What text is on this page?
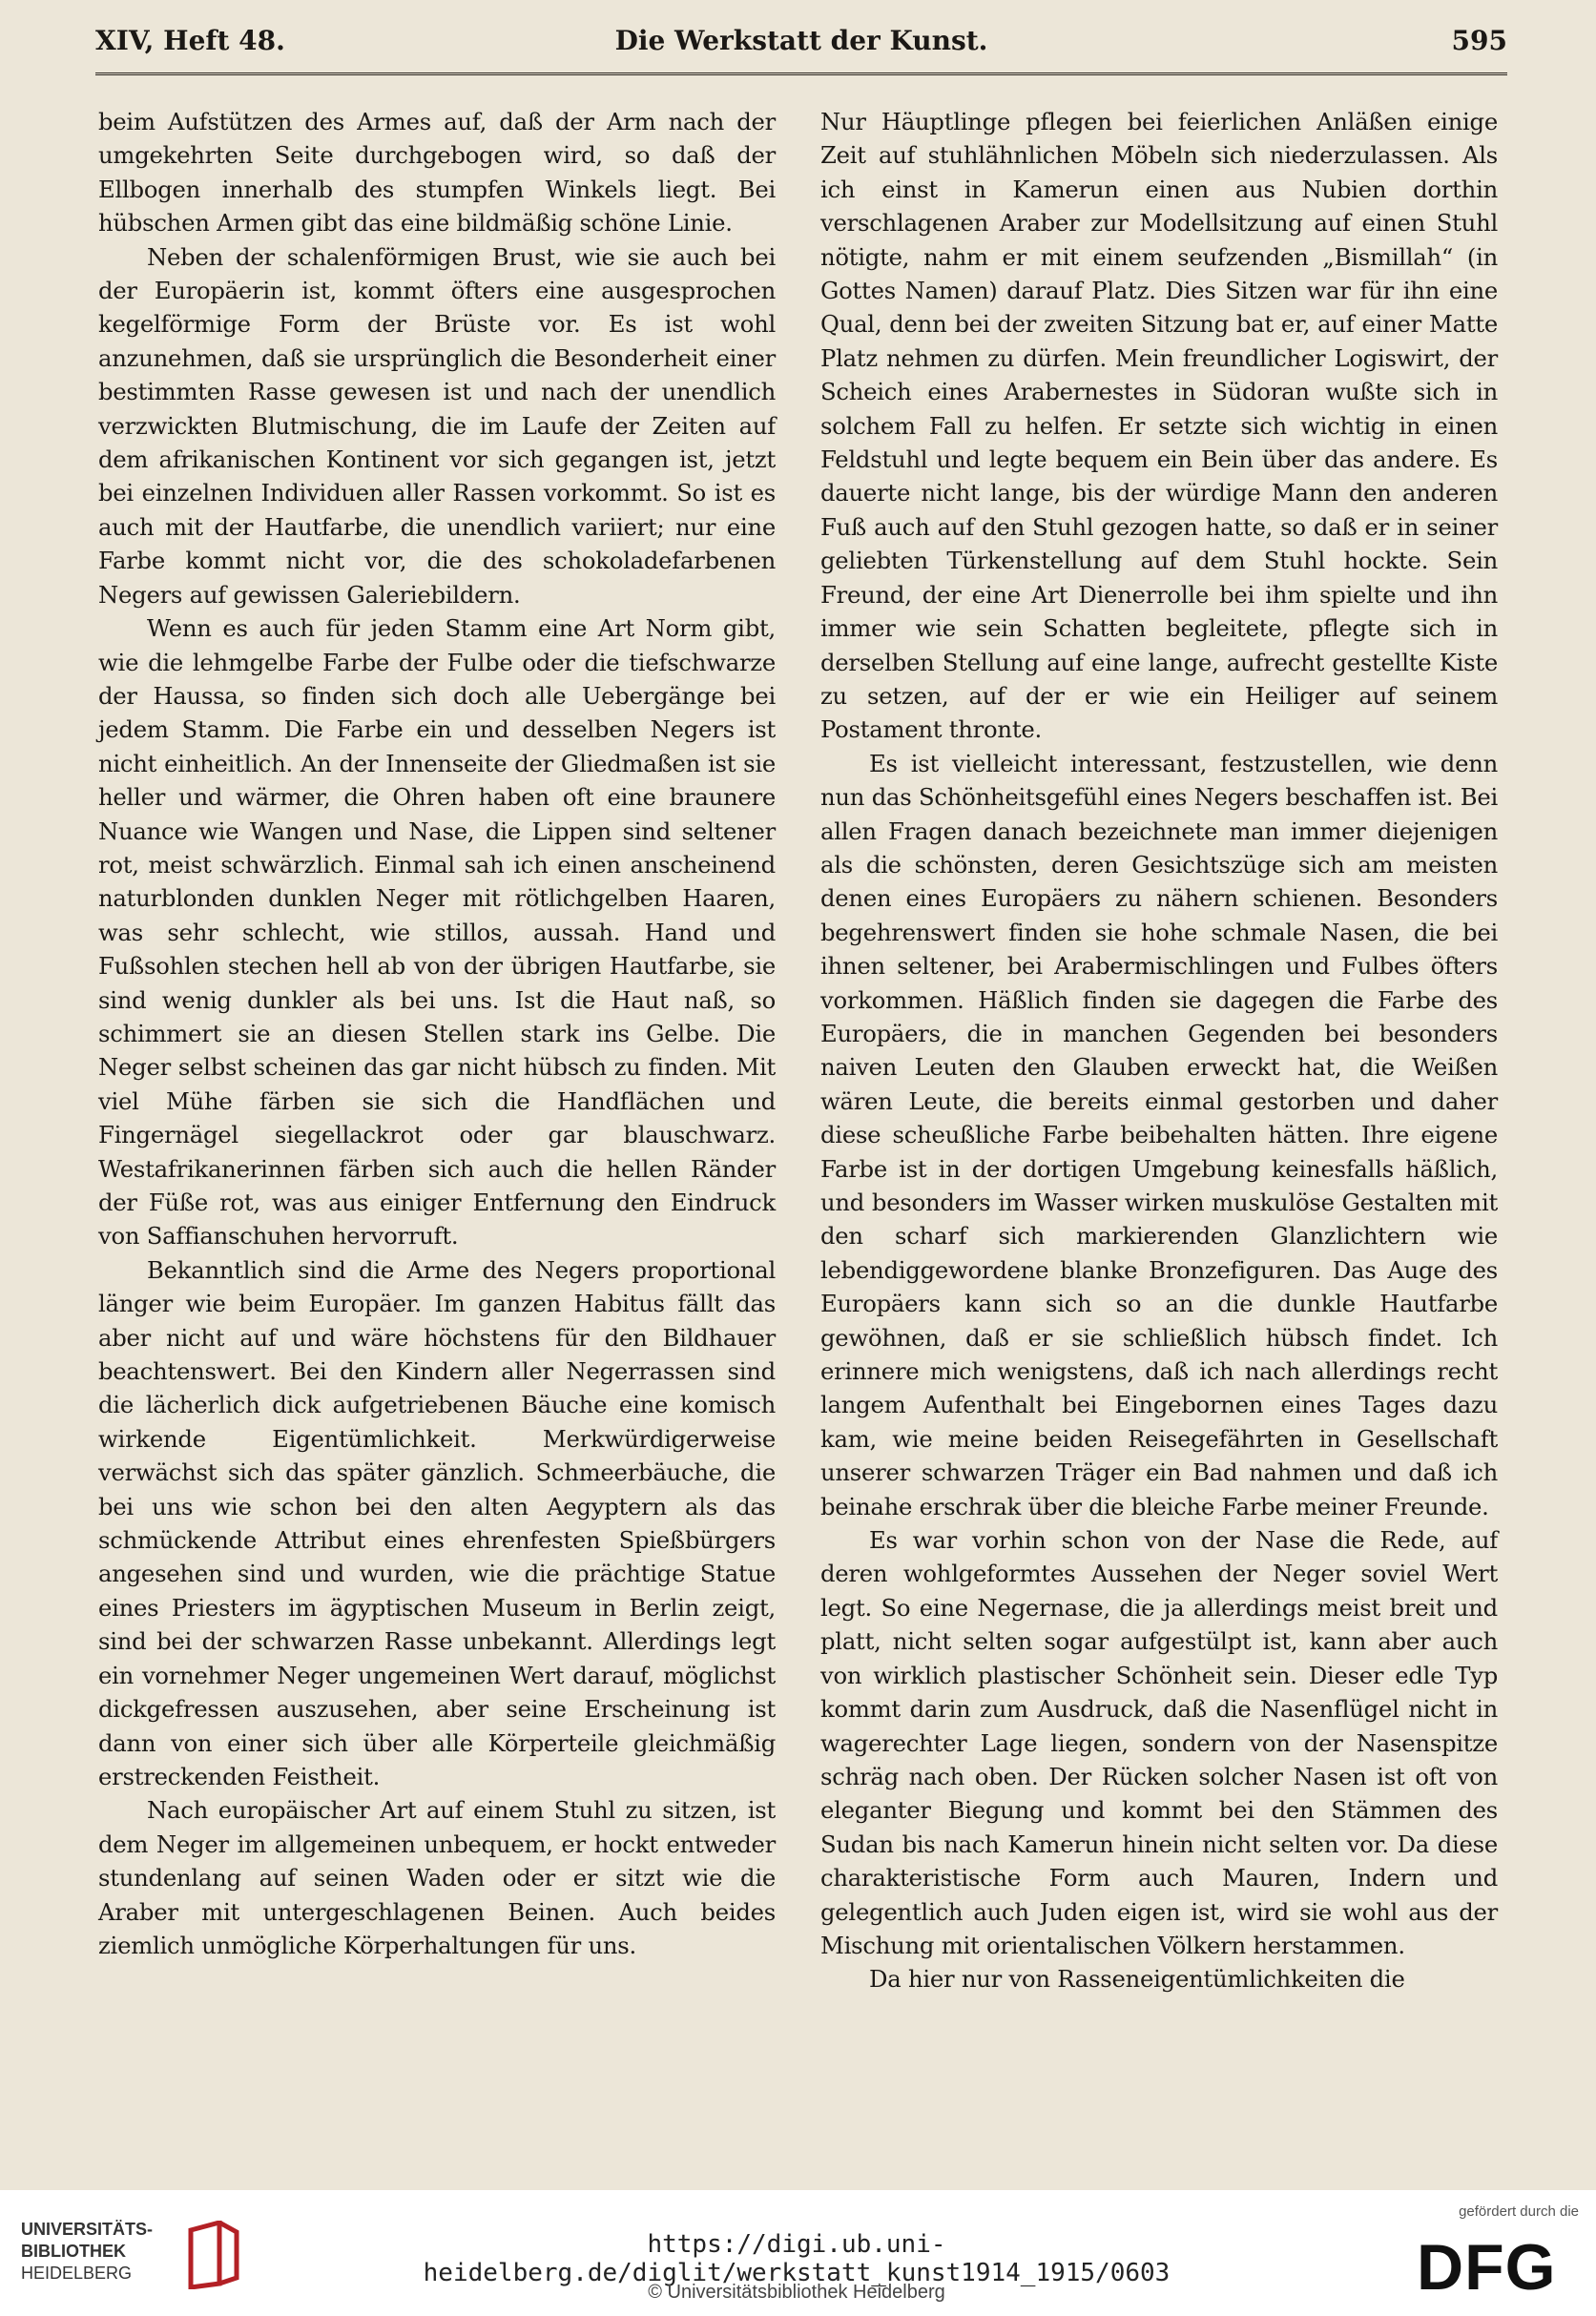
XIV, Heft 48.	Die Werkstatt der Kunst.	595

beim Aufstützen des Armes auf, daß der Arm nach der umgekehrten Seite durchgebogen wird, so daß der Ellbogen innerhalb des stumpfen Winkels liegt. Bei hübschen Armen gibt das eine bildmäßig schöne Linie.

Neben der schalenförmigen Brust, wie sie auch bei der Europäerin ist, kommt öfters eine ausgesprochen kegelförmige Form der Brüste vor. Es ist wohl anzunehmen, daß sie ursprünglich die Besonderheit einer bestimmten Rasse gewesen ist und nach der unendlich verzwickten Blutmischung, die im Laufe der Zeiten auf dem afrikanischen Kontinent vor sich gegangen ist, jetzt bei einzelnen Individuen aller Rassen vorkommt. So ist es auch mit der Hautfarbe, die unendlich variiert; nur eine Farbe kommt nicht vor, die des schokoladefarbenen Negers auf gewissen Galeriebildern.

Wenn es auch für jeden Stamm eine Art Norm gibt, wie die lehmgelbe Farbe der Fulbe oder die tiefschwarze der Haussa, so finden sich doch alle Uebergänge bei jedem Stamm. Die Farbe ein und desselben Negers ist nicht einheitlich. An der Innenseite der Gliedmaßen ist sie heller und wärmer, die Ohren haben oft eine braunere Nuance wie Wangen und Nase, die Lippen sind seltener rot, meist schwärzlich. Einmal sah ich einen anscheinend naturblonden dunklen Neger mit rötlichgelben Haaren, was sehr schlecht, wie stillos, aussah. Hand und Fußsohlen stechen hell ab von der übrigen Hautfarbe, sie sind wenig dunkler als bei uns. Ist die Haut naß, so schimmert sie an diesen Stellen stark ins Gelbe. Die Neger selbst scheinen das gar nicht hübsch zu finden. Mit viel Mühe färben sie sich die Handflächen und Fingernägel siegellackrot oder gar blauschwarz. Westafrikanerinnen färben sich auch die hellen Ränder der Füße rot, was aus einiger Entfernung den Eindruck von Saffianschuhen hervorruft.

Bekanntlich sind die Arme des Negers proportional länger wie beim Europäer. Im ganzen Habitus fällt das aber nicht auf und wäre höchstens für den Bildhauer beachtenswert. Bei den Kindern aller Negerrassen sind die lächerlich dick aufgetriebenen Bäuche eine komisch wirkende Eigentümlichkeit. Merkwürdigerweise verwächst sich das später gänzlich. Schmeerbäuche, die bei uns wie schon bei den alten Aegyptern als das schmückende Attribut eines ehrenfesten Spießbürgers angesehen sind und wurden, wie die prächtige Statue eines Priesters im ägyptischen Museum in Berlin zeigt, sind bei der schwarzen Rasse unbekannt. Allerdings legt ein vornehmer Neger ungemeinen Wert darauf, möglichst dickgefressen auszusehen, aber seine Erscheinung ist dann von einer sich über alle Körperteile gleichmäßig erstreckenden Feistheit.

Nach europäischer Art auf einem Stuhl zu sitzen, ist dem Neger im allgemeinen unbequem, er hockt entweder stundenlang auf seinen Waden oder er sitzt wie die Araber mit untergeschlagenen Beinen. Auch beides ziemlich unmögliche Körperhaltungen für uns.

Nur Häuptlinge pflegen bei feierlichen Anläßen einige Zeit auf stuhlähnlichen Möbeln sich niederzulassen. Als ich einst in Kamerun einen aus Nubien dorthin verschlagenen Araber zur Modellsitzung auf einen Stuhl nötigte, nahm er mit einem seufzenden „Bismillah“ (in Gottes Namen) darauf Platz. Dies Sitzen war für ihn eine Qual, denn bei der zweiten Sitzung bat er, auf einer Matte Platz nehmen zu dürfen. Mein freundlicher Logiswirt, der Scheich eines Arabernestes in Südoran wußte sich in solchem Fall zu helfen. Er setzte sich wichtig in einen Feldstuhl und legte bequem ein Bein über das andere. Es dauerte nicht lange, bis der würdige Mann den anderen Fuß auch auf den Stuhl gezogen hatte, so daß er in seiner geliebten Türkenstellung auf dem Stuhl hockte. Sein Freund, der eine Art Dienerrolle bei ihm spielte und ihn immer wie sein Schatten begleitete, pflegte sich in derselben Stellung auf eine lange, aufrecht gestellte Kiste zu setzen, auf der er wie ein Heiliger auf seinem Postament thronte.

Es ist vielleicht interessant, festzustellen, wie denn nun das Schönheitsgefühl eines Negers beschaffen ist. Bei allen Fragen danach bezeichnete man immer diejenigen als die schönsten, deren Gesichtszüge sich am meisten denen eines Europäers zu nähern schienen. Besonders begehrenswert finden sie hohe schmale Nasen, die bei ihnen seltener, bei Arabermischlingen und Fulbes öfters vorkommen. Häßlich finden sie dagegen die Farbe des Europäers, die in manchen Gegenden bei besonders naiven Leuten den Glauben erweckt hat, die Weißen wären Leute, die bereits einmal gestorben und daher diese scheußliche Farbe beibehalten hätten. Ihre eigene Farbe ist in der dortigen Umgebung keinesfalls häßlich, und besonders im Wasser wirken muskulöse Gestalten mit den scharf sich markierenden Glanzlichtern wie lebendiggewordene blanke Bronzefiguren. Das Auge des Europäers kann sich so an die dunkle Hautfarbe gewöhnen, daß er sie schließlich hübsch findet. Ich erinnere mich wenigstens, daß ich nach allerdings recht langem Aufenthalt bei Eingebornen eines Tages dazu kam, wie meine beiden Reisegefährten in Gesellschaft unserer schwarzen Träger ein Bad nahmen und daß ich beinahe erschrak über die bleiche Farbe meiner Freunde.

Es war vorhin schon von der Nase die Rede, auf deren wohlgeformtes Aussehen der Neger soviel Wert legt. So eine Negernase, die ja allerdings meist breit und platt, nicht selten sogar aufgestülpt ist, kann aber auch von wirklich plastischer Schönheit sein. Dieser edle Typ kommt darin zum Ausdruck, daß die Nasenflügel nicht in wagerechter Lage liegen, sondern von der Nasenspitze schräg nach oben. Der Rücken solcher Nasen ist oft von eleganter Biegung und kommt bei den Stämmen des Sudan bis nach Kamerun hinein nicht selten vor. Da diese charakteristische Form auch Mauren, Indern und gelegentlich auch Juden eigen ist, wird sie wohl aus der Mischung mit orientalischen Völkern herstammen.

Da hier nur von Rasseneigentümlichkeiten die

UNIVERSITÄTS-
BIBLIOTHEK
HEIDELBERG
https://digi.ub.uni-heidelberg.de/diglit/werkstatt_kunst1914_1915/0603
© Universitätsbibliothek Heidelberg
gefördert durch die
DFG
